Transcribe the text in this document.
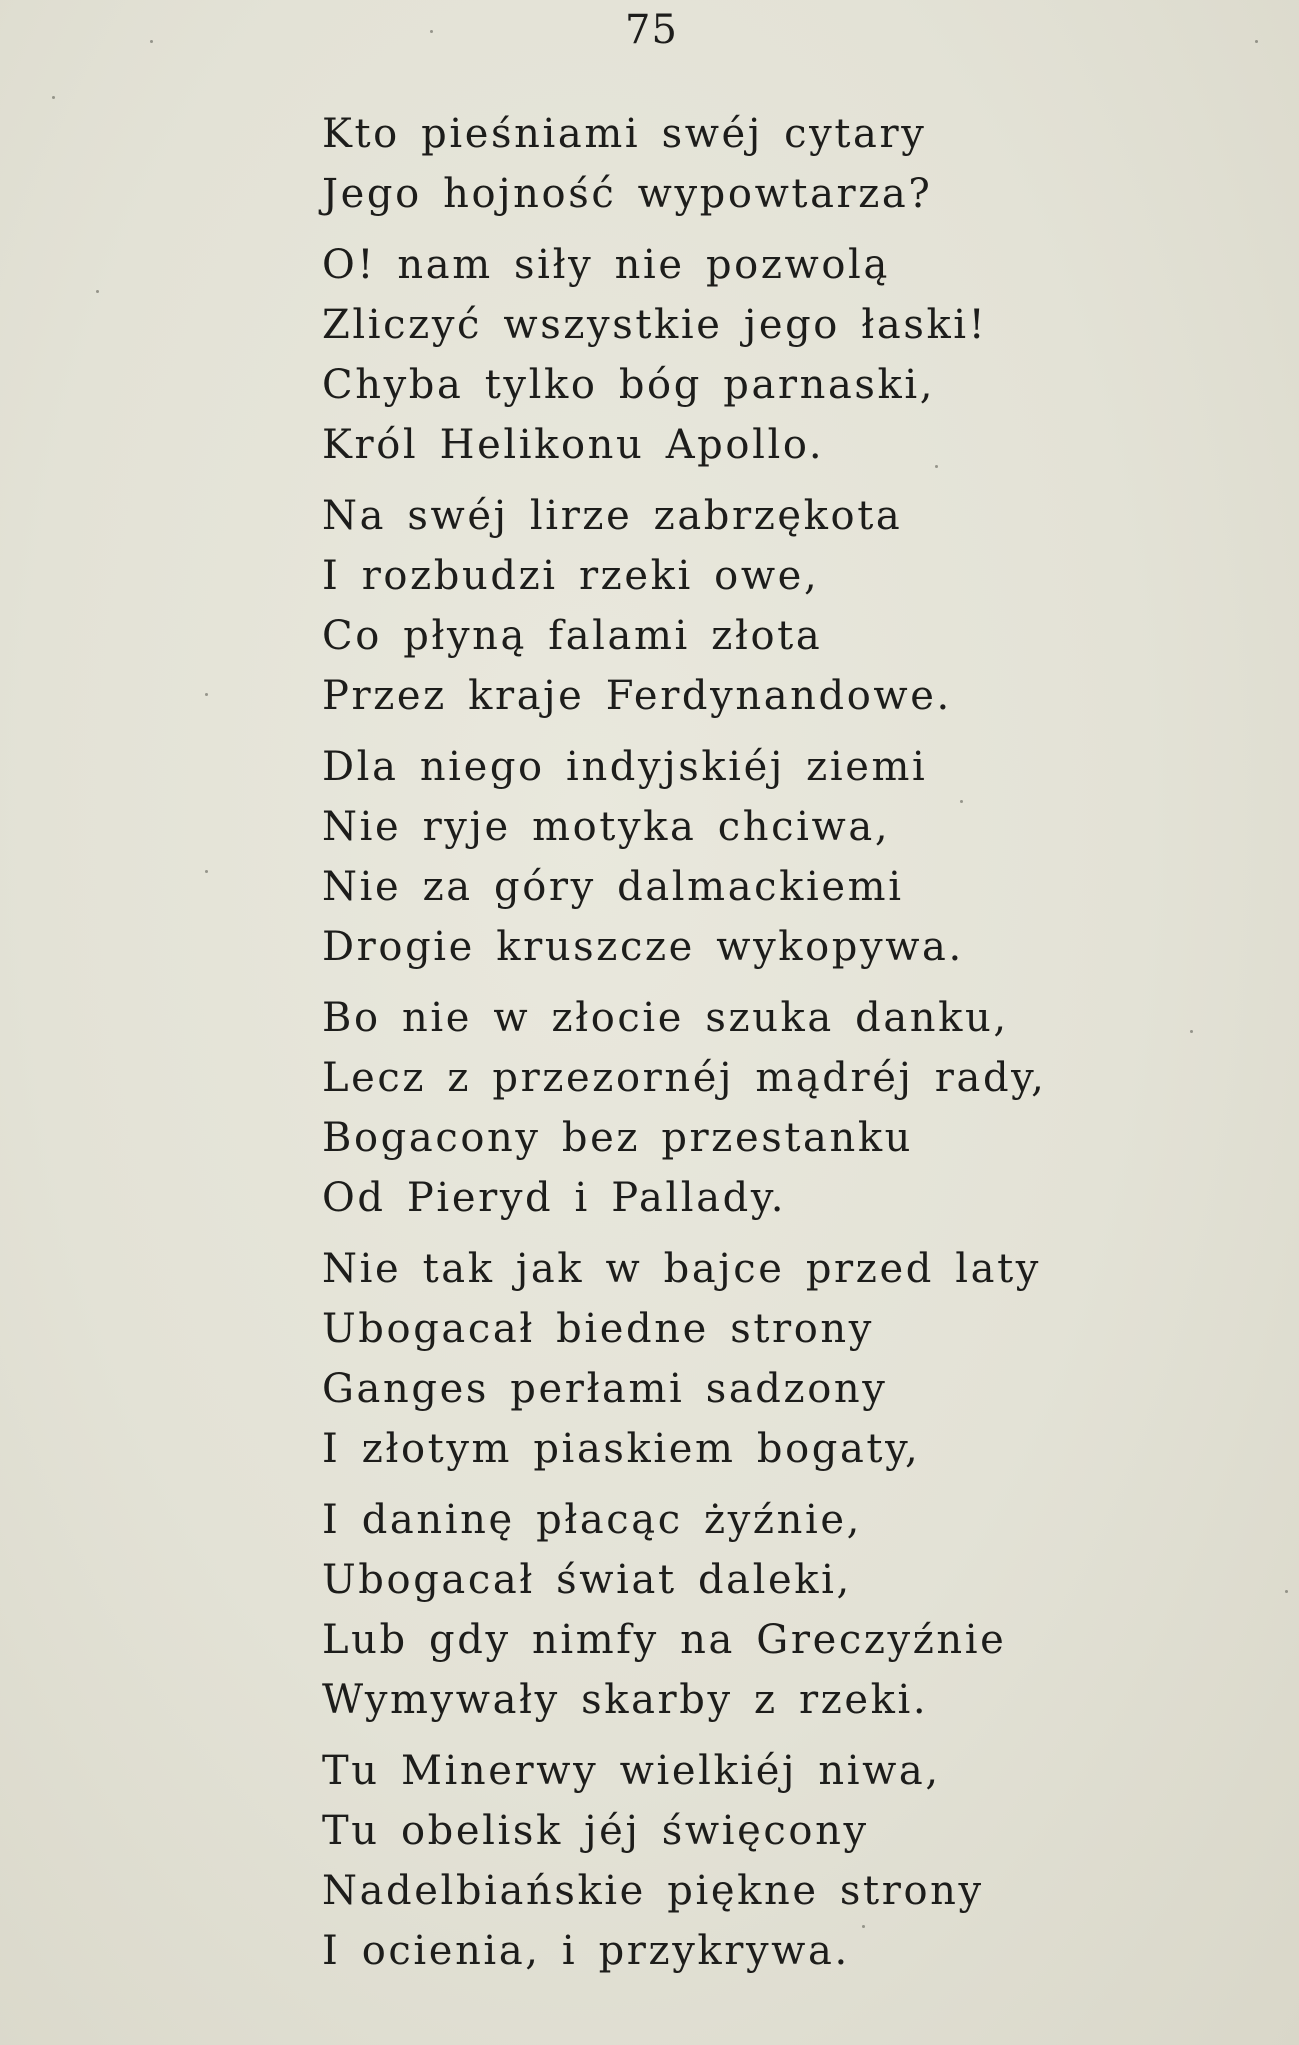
75
Kto pieśniami swéj cytary
Jego hojność wypowtarza?
O! nam siły nie pozwolą
Zliczyć wszystkie jego łaski!
Chyba tylko bóg parnaski,
Król Helikonu Apollo.
Na swéj lirze zabrzękota
I rozbudzi rzeki owe,
Co płyną falami złota
Przez kraje Ferdynandowe.
Dla niego indyjskiéj ziemi
Nie ryje motyka chciwa,
Nie za góry dalmackiemi
Drogie kruszcze wykopywa.
Bo nie w złocie szuka danku,
Lecz z przezornéj mądréj rady,
Bogacony bez przestanku
Od Pieryd i Pallady.
Nie tak jak w bajce przed laty
Ubogacał biedne strony
Ganges perłami sadzony
I złotym piaskiem bogaty,
I daninę płacąc żyźnie,
Ubogacał świat daleki,
Lub gdy nimfy na Greczyźnie
Wymywały skarby z rzeki.
Tu Minerwy wielkiéj niwa,
Tu obelisk jéj święcony
Nadelbiańskie piękne strony
I ocienia, i przykrywa.
